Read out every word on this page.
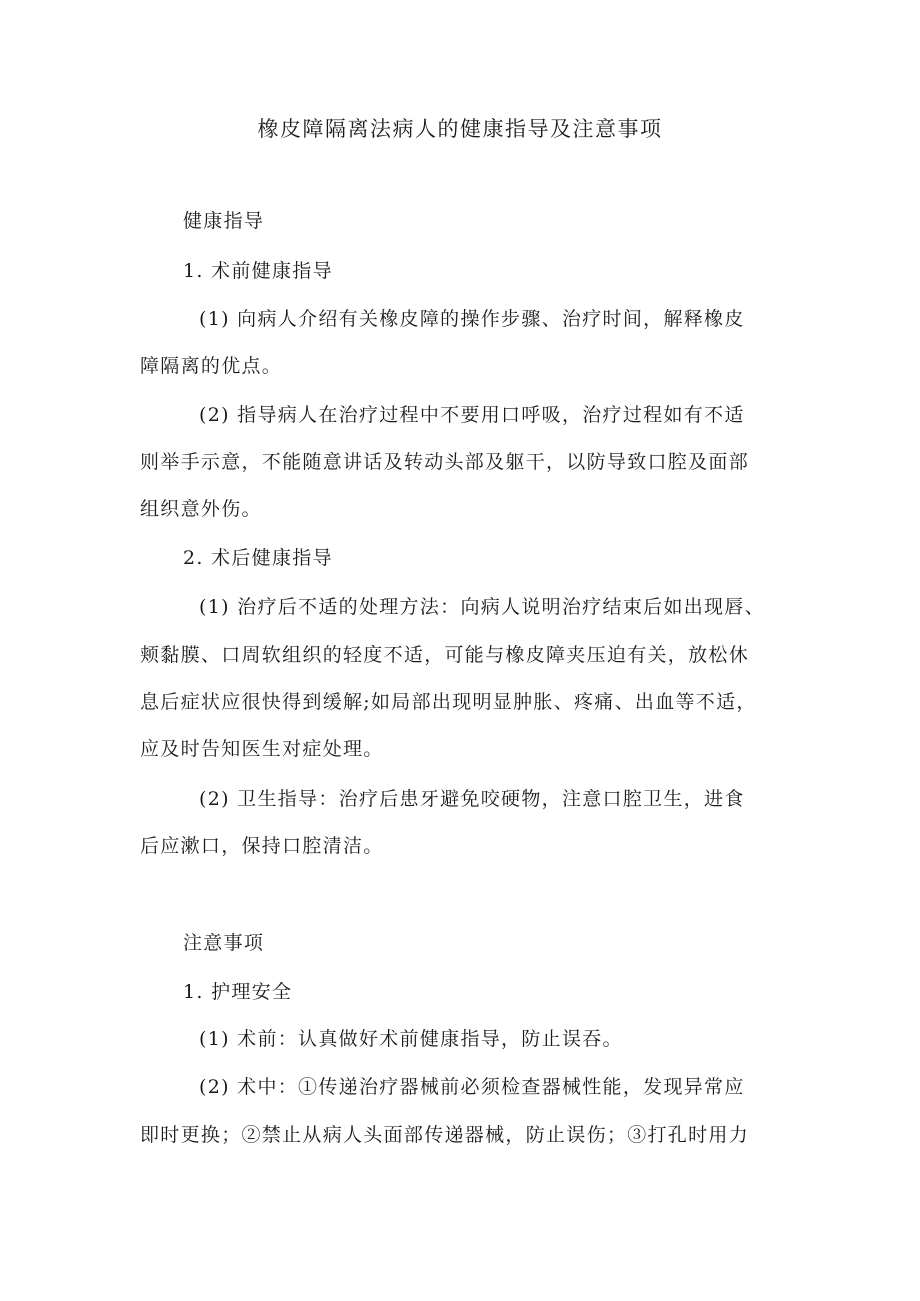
橡皮障隔离法病人的健康指导及注意事项

健康指导

1. 术前健康指导

(1) 向病人介绍有关橡皮障的操作步骤、治疗时间，解释橡皮

障隔离的优点。

(2) 指导病人在治疗过程中不要用口呼吸，治疗过程如有不适

则举手示意，不能随意讲话及转动头部及躯干，以防导致口腔及面部

组织意外伤。

2. 术后健康指导

(1) 治疗后不适的处理方法：向病人说明治疗结束后如出现唇、

颊黏膜、口周软组织的轻度不适，可能与橡皮障夹压迫有关，放松休

息后症状应很快得到缓解;如局部出现明显肿胀、疼痛、出血等不适，

应及时告知医生对症处理。

(2) 卫生指导：治疗后患牙避免咬硬物，注意口腔卫生，进食

后应漱口，保持口腔清洁。

注意事项

1. 护理安全

(1) 术前：认真做好术前健康指导，防止误吞。

(2) 术中：①传递治疗器械前必须检查器械性能，发现异常应

即时更换；②禁止从病人头面部传递器械，防止误伤；③打孔时用力
